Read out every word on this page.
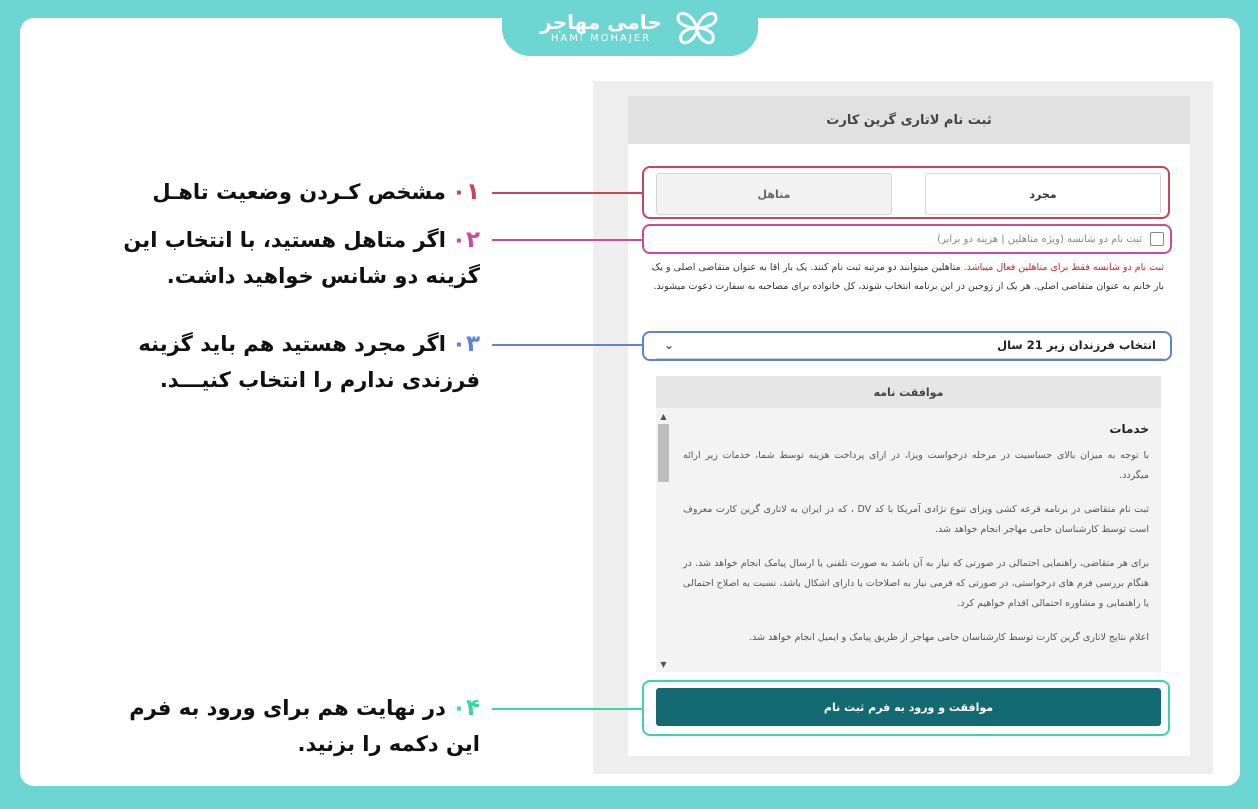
حامی مهاجر
HAMI MOHAJER
ثبت نام لاتاری گرین کارت
متاهل	مجرد
ثبت نام دو شانسه (ویژه متاهلین | هزینه دو برابر)
ثبت نام دو شانسه فقط برای متاهلین فعال میباشد. متاهلین میتوانند دو مرتبه ثبت نام کنند. یک بار اقا به عنوان متقاضی اصلی و یک بار خانم به عنوان متقاضی اصلی. هر یک از زوجین در این برنامه انتخاب شوند، کل خانواده برای مصاحبه به سفارت دعوت میشوند.
انتخاب فرزندان زیر 21 سال
⌄
موافقت نامه
▲
▼
خدمات

با توجه به میزان بالای حساسیت در مرحله درخواست ویزا، در ازای پرداخت هزینه توسط شما، خدمات زیر ارائه میگردد.

ثبت نام متقاضی در برنامه قرعه کشی ویزای تنوع نژادی آمریکا با کد DV ، که در ایران به لاتاری گرین کارت معروف است توسط کارشناسان حامی مهاجر انجام خواهد شد.

برای هر متقاضی، راهنمایی احتمالی در صورتی که نیاز به آن باشد به صورت تلفنی یا ارسال پیامک انجام خواهد شد. در هنگام بررسی فرم های درخواستی، در صورتی که فرمی نیاز به اصلاحات یا دارای اشکال باشد، نسبت به اصلاح احتمالی یا راهنمایی و مشاوره احتمالی اقدام خواهیم کرد.

اعلام نتایج لاتاری گرین کارت توسط کارشناسان حامی مهاجر از طریق پیامک و ایمیل انجام خواهد شد.

موافقت و ورود به فرم ثبت نام
۰۱مشخص کـردن وضعیت تاهـل
۰۲اگر متاهل هستید، با انتخاب این
گزینه دو شانس خواهید داشت.
۰۳اگر مجرد هستید هم باید گزینه
فرزندی ندارم را انتخاب کنیـــد.
۰۴در نهایت هم برای ورود به فرم
این دکمه را بزنید.
